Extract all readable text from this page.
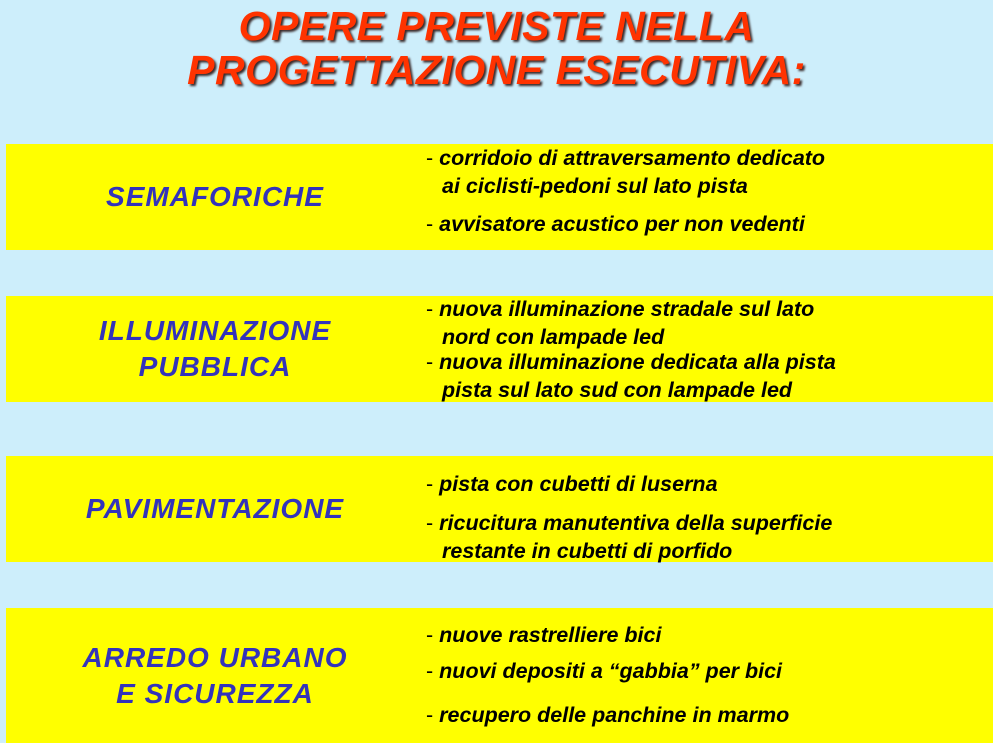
OPERE PREVISTE NELLA
PROGETTAZIONE ESECUTIVA:
SEMAFORICHE
- corridoio di attraversamento dedicato
ai ciclisti-pedoni sul lato pista
- avvisatore acustico per non vedenti
ILLUMINAZIONE
PUBBLICA
- nuova illuminazione stradale sul lato
nord con lampade led
- nuova illuminazione dedicata alla pista
pista sul lato sud con lampade led
PAVIMENTAZIONE
- pista con cubetti di luserna
- ricucitura manutentiva della superficie
restante in cubetti di porfido
ARREDO URBANO
E SICUREZZA
- nuove rastrelliere bici
- nuovi depositi a “gabbia” per bici
- recupero delle panchine in marmo
